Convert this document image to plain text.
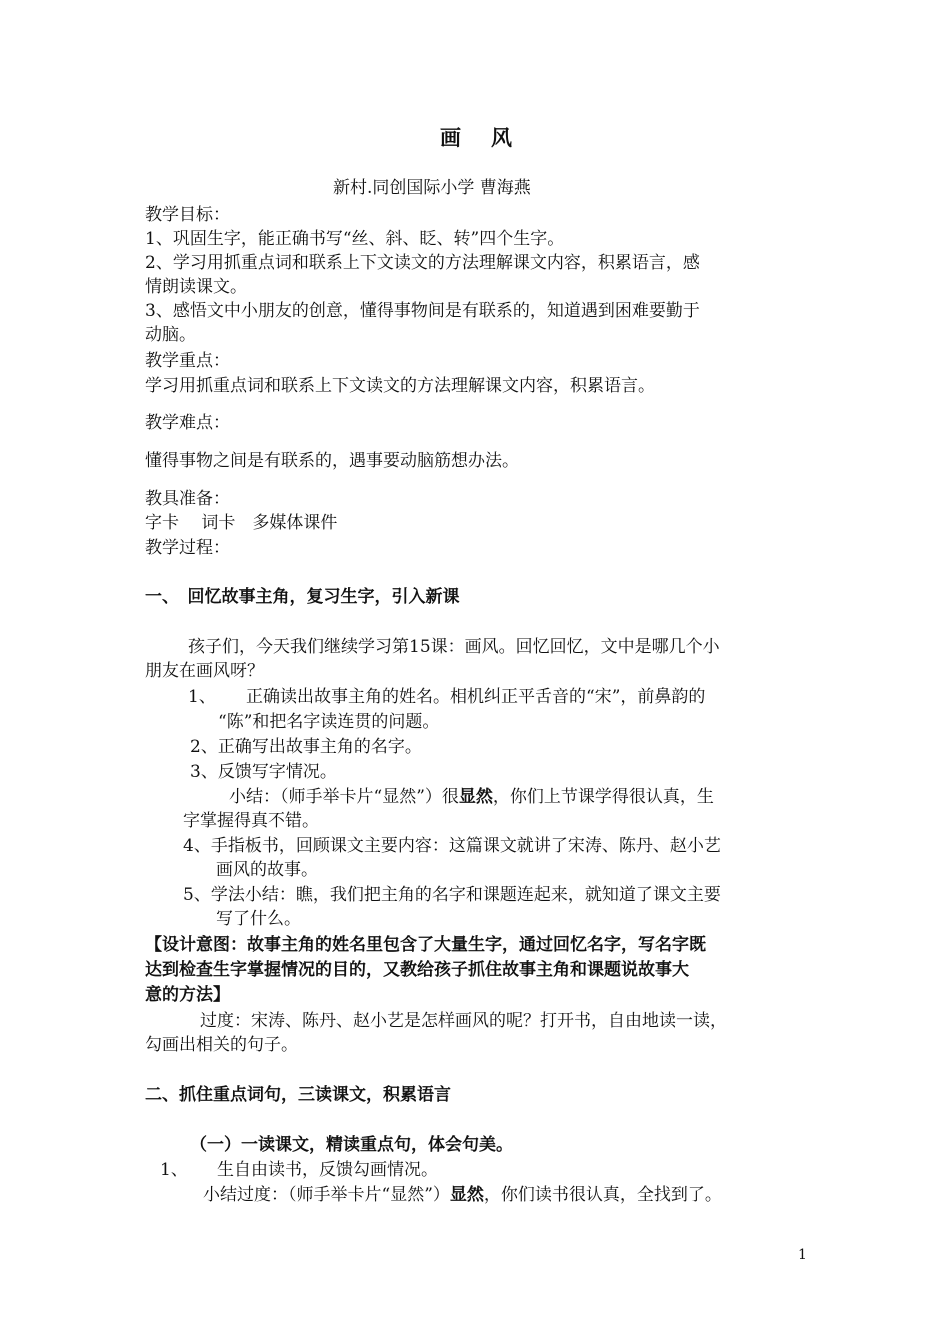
画 风
新村.同创国际小学 曹海燕
教学目标：
1、巩固生字，能正确书写“丝、斜、眨、转”四个生字。
2、学习用抓重点词和联系上下文读文的方法理解课文内容，积累语言，感
情朗读课文。
3、感悟文中小朋友的创意，懂得事物间是有联系的，知道遇到困难要勤于
动脑。
教学重点：
学习用抓重点词和联系上下文读文的方法理解课文内容，积累语言。
教学难点：
懂得事物之间是有联系的，遇事要动脑筋想办法。
教具准备：
字卡　 词卡　多媒体课件
教学过程：
一、　回忆故事主角，复习生字，引入新课
孩子们，今天我们继续学习第15课：画风。回忆回忆，文中是哪几个小
朋友在画风呀？
1、 正确读出故事主角的姓名。相机纠正平舌音的“宋”，前鼻韵的
“陈”和把名字读连贯的问题。
2、正确写出故事主角的名字。
3、反馈写字情况。
小结：（师手举卡片“显然”）很显然，你们上节课学得很认真，生
字掌握得真不错。
4、手指板书，回顾课文主要内容：这篇课文就讲了宋涛、陈丹、赵小艺
画风的故事。
5、学法小结：瞧，我们把主角的名字和课题连起来，就知道了课文主要
写了什么。
【设计意图：故事主角的姓名里包含了大量生字，通过回忆名字，写名字既
达到检查生字掌握情况的目的，又教给孩子抓住故事主角和课题说故事大
意的方法】
过度：宋涛、陈丹、赵小艺是怎样画风的呢？打开书，自由地读一读，
勾画出相关的句子。
二、抓住重点词句，三读课文，积累语言
（一）一读课文，精读重点句，体会句美。
1、 生自由读书，反馈勾画情况。
小结过度：（师手举卡片“显然”）显然，你们读书很认真，全找到了。
1
